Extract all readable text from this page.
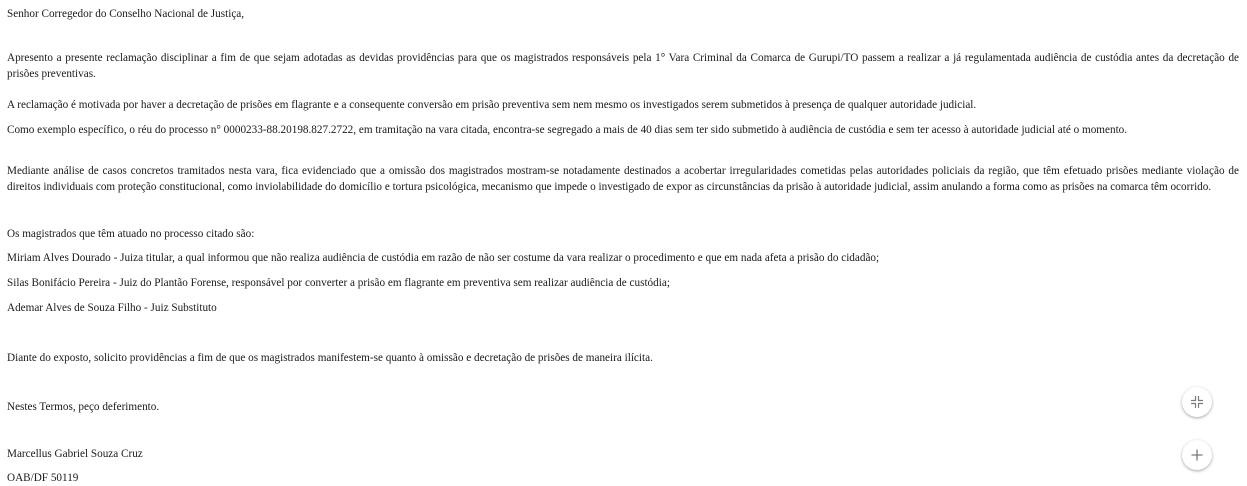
Senhor Corregedor do Conselho Nacional de Justiça,

Apresento a presente reclamação disciplinar a fim de que sejam adotadas as devidas providências para que os magistrados responsáveis pela 1° Vara Criminal da Comarca de Gurupi/TO passem a realizar a já regulamentada audiência de custódia antes da decretação de prisões preventivas.

A reclamação é motivada por haver a decretação de prisões em flagrante e a consequente conversão em prisão preventiva sem nem mesmo os investigados serem submetidos à presença de qualquer autoridade judicial.

Como exemplo específico, o réu do processo n° 0000233-88.20198.827.2722, em tramitação na vara citada, encontra-se segregado a mais de 40 dias sem ter sido submetido à audiência de custódia e sem ter acesso à autoridade judicial até o momento.

Mediante análise de casos concretos tramitados nesta vara, fica evidenciado que a omissão dos magistrados mostram-se notadamente destinados a acobertar irregularidades cometidas pelas autoridades policiais da região, que têm efetuado prisões mediante violação de direitos individuais com proteção constitucional, como inviolabilidade do domicílio e tortura psicológica, mecanismo que impede o investigado de expor as circunstâncias da prisão à autoridade judicial, assim anulando a forma como as prisões na comarca têm ocorrido.

Os magistrados que têm atuado no processo citado são:

Miriam Alves Dourado - Juiza titular, a qual informou que não realiza audiência de custódia em razão de não ser costume da vara realizar o procedimento e que em nada afeta a prisão do cidadão;

Silas Bonifácio Pereira - Juiz do Plantão Forense, responsável por converter a prisão em flagrante em preventiva sem realizar audiência de custódia;

Ademar Alves de Souza Filho - Juiz Substituto

Diante do exposto, solicito providências a fim de que os magistrados manifestem-se quanto à omissão e decretação de prisões de maneira ilícita.

Nestes Termos, peço deferimento.

Marcellus Gabriel Souza Cruz

OAB/DF 50119
